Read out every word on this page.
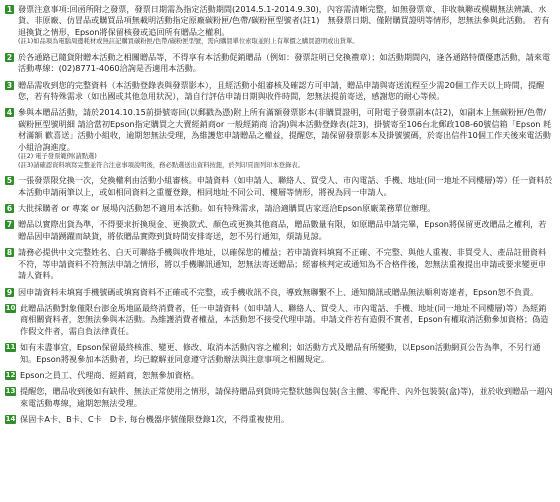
1 發票注意事項:回函所附之發票，發票日期需為指定活動期間(2014.5.1-2014.9.30)，內容需清晰完整，如無發票章、非收執聯或模糊無法辨識、水貨、非原廠、仿冒品或購買品項無載明活動指定原廠碳粉匣/色帶/碳粉匣型號者(註1)　無發票日期、僅附購買證明等情形，恕無法參與此活動。 若有退換貨之情形，Epson將保留核發或追回所有贈品之權利。
(註1)如品項為電腦周邊耗材或無註記購買碳粉匣/色帶/碳粉匣型號，需向購買單位索取並附上有單價之購買證明或出貨單。
2 於各通路已隨貨附贈本活動之相關贈品等，不得享有本活動促銷贈品（例如：發票註明已兌換禮章）；如活動期間內，逢各通路特價優惠活動，請來電活動專線：(02)8771-4060洽詢是否適用本活動。
3 贈品需收到您的完整資料（本活動登錄表與發票影本），且經活動小組審核及確認方可申請，贈品申請與寄送流程至少需20個工作天以上時間，提醒您，若有特殊需求（如出國或其他急用狀況），請自行評估申請日期與收件時間，恕無法提前寄送，感謝您的耐心等候。
4 參與本贈品活動，請於2014.10.15前掛號寄回(以郵戳為憑)附上所有滿額發票影本(非購買證明，可附電子發票副本(註2)，如副本上無碳粉匣/色帶/碳粉匣型號明細 請洽當初Epson指定購買之大賣經銷商or 一般經銷商 洽詢)與本活動登錄表(註3)，掛號寄至106台北郵政108-60號信箱「Epson 耗材滿額 歡喜送」活動小組收，逾期恕無法受理，為維護您申請贈品之權益，提醒您，請保留發票影本及掛號號碼，於寄出信件10個工作天後來電活動小組洽詢進度。
(註2) 電子發票範例(請點選)
(註3)請確認資料填寫完整並符合注意事項說明後，務必點選送出資料按鈕，於列印頁面列印本登錄表。
5 一張發票限兌換一次，兌換權利由活動小組審核。申請資料（如申請人、聯絡人、買受人、市內電話、手機、地址(同一地址不同樓層)等）任一資料於本活動申請兩筆以上，或如相同資料之重覆登錄，相同地址不同公司、樓層等情形，將視為同一申請人。
6 大批採購者 or 專案 or 展場內活動恕不適用本活動。如有特殊需求，請洽適購買店家逕洽Epson原廠業務單位辦理。
7 贈品以實際出貨為準，不得要求折換現金、更換款式、顏色或更換其他商品，贈品數量有限，如原贈品申請完畢，Epson將保留更改贈品之權利，若贈品因申請踴躍而缺貨，將依贈品實際到貨時間安排寄送，恕不另行通知，煩請見諒。
8 請務必提供中文完整姓名、白天可聯絡手機與收件地址，以確保您的權益；若申請資料填寫不正確、不完整、與他人重複、非買受人、產品註冊資料不符，等申請資料不符無法申請之情形，將以手機聯訊通知，恕無法寄送贈品；經審核判定或通知為不合格件後，恕無法重複提出申請或要求變更申請人資料。
9 因申請資料未填寫手機號碼或填寫資料不正確或不完整，或手機收訊不良，導致無聯繫不上、通知簡訊或贈品無法順利寄達者，Epson恕不負責。
10 此贈品活動對象僅限台澎金馬地區最終消費者，任一申請資料（如申請人、聯絡人、買受人、市內電話、手機、地址(同一地址不同樓層)等）為經銷商相關資料者，恕無法參與本活動。為維護消費者權益，本活動恕不接受代理申請。申請文件若有造假不實者，Epson有權取消活動參加資格；偽造作假文件者，需自負法律責任。
11 如有未盡事宜，Epson保留最終核准、變更、修改、取消本活動內容之權利；如活動方式及贈品有所變動，以Epson活動網頁公告為準，不另行通知。Epson將視參加本活動者，均已瞭解並同意遵守活動辦法與注意事項之相關規定。
12 Epson之員工、代理商、經銷商，恕無參加資格。
13 提醒您，贈品收到後如有缺件、無法正常使用之情形，請保持贈品到貨時完整狀態與包裝(含主體、零配件、內外包裝裝(盒)等)，並於收到贈品一週內來電活動專線，逾期恕無法受理。
14 保固卡A卡、B卡、C卡　D卡, 每台機器序號僅限登錄1次，不得重複使用。
